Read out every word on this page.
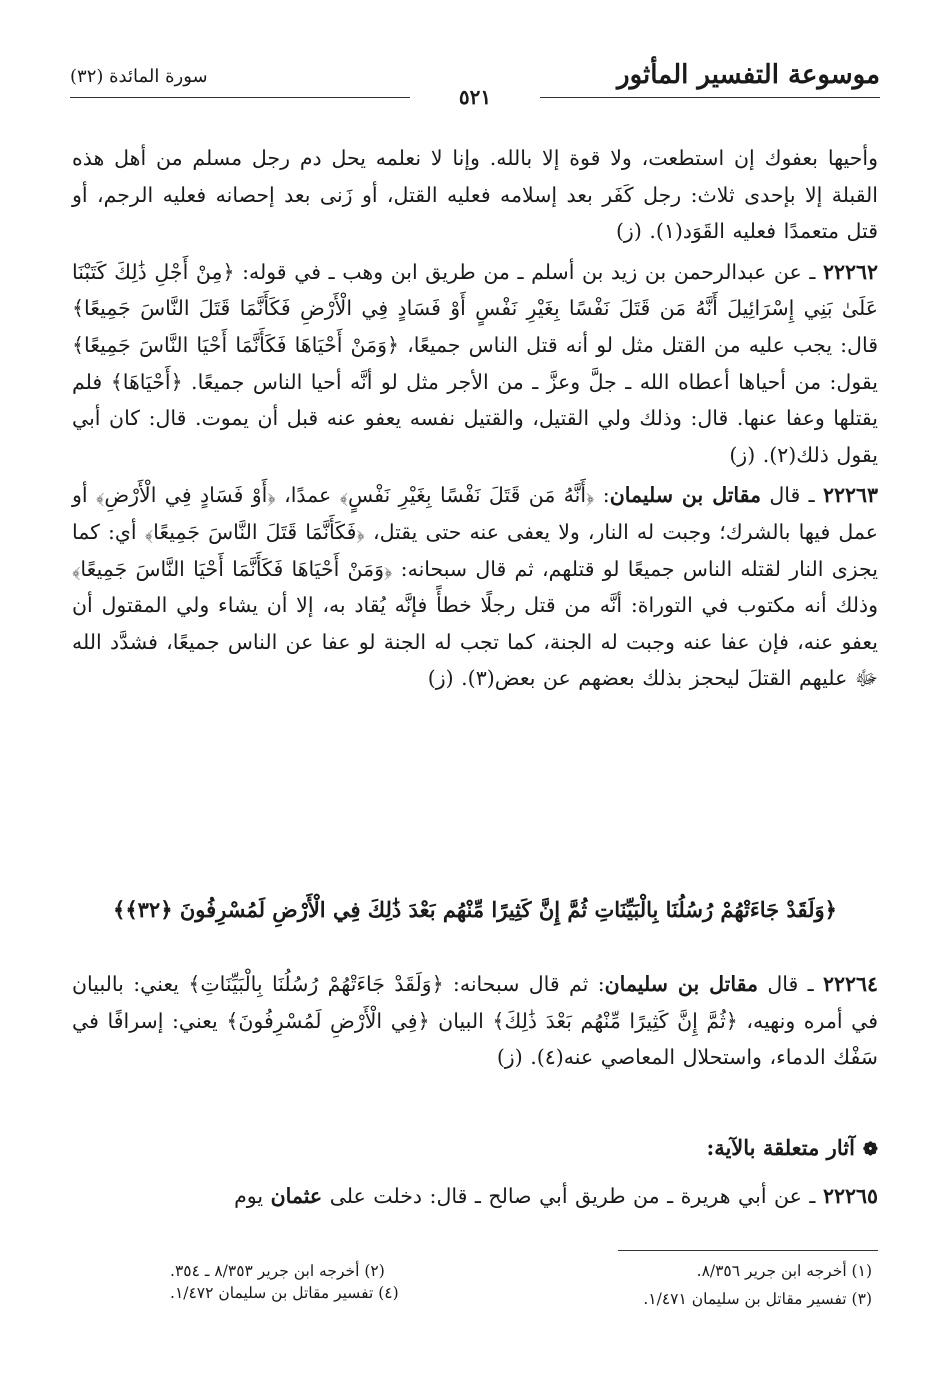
موسوعة التفسير المأثور
سورة المائدة (٣٢)
٥٢١

وأحيها بعفوك إن استطعت، ولا قوة إلا بالله. وإنا لا نعلمه يحل دم رجل مسلم من أهل هذه القبلة إلا بإحدى ثلاث: رجل كَفَر بعد إسلامه فعليه القتل، أو زَنى بعد إحصانه فعليه الرجم، أو قتل متعمدًا فعليه القَوَد(١). (ز)

٢٢٢٦٢ ـ عن عبدالرحمن بن زيد بن أسلم ـ من طريق ابن وهب ـ في قوله: ﴿مِنْ أَجْلِ ذَٰلِكَ كَتَبْنَا عَلَىٰ بَنِي إِسْرَائِيلَ أَنَّهُ مَن قَتَلَ نَفْسًا بِغَيْرِ نَفْسٍ أَوْ فَسَادٍ فِي الْأَرْضِ فَكَأَنَّمَا قَتَلَ النَّاسَ جَمِيعًا﴾ قال: يجب عليه من القتل مثل لو أنه قتل الناس جميعًا، ﴿وَمَنْ أَحْيَاهَا فَكَأَنَّمَا أَحْيَا النَّاسَ جَمِيعًا﴾ يقول: من أحياها أعطاه الله ـ جلَّ وعزَّ ـ من الأجر مثل لو أنَّه أحيا الناس جميعًا. ﴿أَحْيَاهَا﴾ فلم يقتلها وعفا عنها. قال: وذلك ولي القتيل، والقتيل نفسه يعفو عنه قبل أن يموت. قال: كان أبي يقول ذلك(٢). (ز)

٢٢٢٦٣ ـ قال مقاتل بن سليمان: ﴿أَنَّهُ مَن قَتَلَ نَفْسًا بِغَيْرِ نَفْسٍ﴾ عمدًا، ﴿أَوْ فَسَادٍ فِي الْأَرْضِ﴾ أو عمل فيها بالشرك؛ وجبت له النار، ولا يعفى عنه حتى يقتل، ﴿فَكَأَنَّمَا قَتَلَ النَّاسَ جَمِيعًا﴾ أي: كما يجزى النار لقتله الناس جميعًا لو قتلهم، ثم قال سبحانه: ﴿وَمَنْ أَحْيَاهَا فَكَأَنَّمَا أَحْيَا النَّاسَ جَمِيعًا﴾ وذلك أنه مكتوب في التوراة: أنَّه من قتل رجلًا خطأً فإنَّه يُقاد به، إلا أن يشاء ولي المقتول أن يعفو عنه، فإن عفا عنه وجبت له الجنة، كما تجب له الجنة لو عفا عن الناس جميعًا، فشدَّد الله ﷻ عليهم القتلَ ليحجز بذلك بعضهم عن بعض(٣). (ز)

﴿وَلَقَدْ جَاءَتْهُمْ رُسُلُنَا بِالْبَيِّنَاتِ ثُمَّ إِنَّ كَثِيرًا مِّنْهُم بَعْدَ ذَٰلِكَ فِي الْأَرْضِ لَمُسْرِفُونَ ﴿٣٢﴾﴾

٢٢٢٦٤ ـ قال مقاتل بن سليمان: ثم قال سبحانه: ﴿وَلَقَدْ جَاءَتْهُمْ رُسُلُنَا بِالْبَيِّنَاتِ﴾ يعني: بالبيان في أمره ونهيه، ﴿ثُمَّ إِنَّ كَثِيرًا مِّنْهُم بَعْدَ ذَٰلِكَ﴾ البيان ﴿فِي الْأَرْضِ لَمُسْرِفُونَ﴾ يعني: إسرافًا في سَفْك الدماء، واستحلال المعاصي عنه(٤). (ز)

❁آثار متعلقة بالآية:

٢٢٢٦٥ ـ عن أبي هريرة ـ من طريق أبي صالح ـ قال: دخلت على عثمان يوم

(١) أخرجه ابن جرير ٨/٣٥٦.
(٢) أخرجه ابن جرير ٨/٣٥٣ ـ ٣٥٤.
(٣) تفسير مقاتل بن سليمان ١/٤٧١.
(٤) تفسير مقاتل بن سليمان ١/٤٧٢.
